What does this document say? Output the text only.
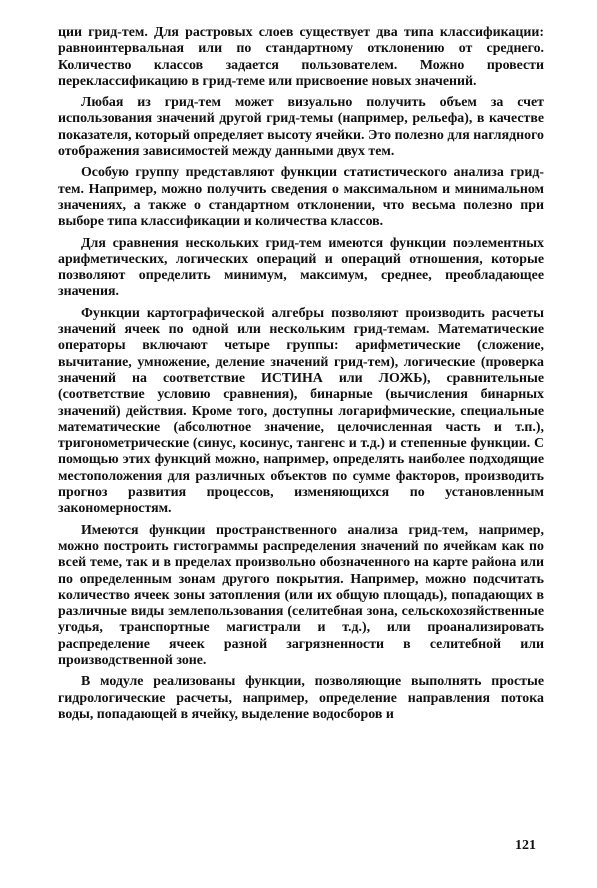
ции грид-тем. Для растровых слоев существует два типа классификации: равноинтервальная или по стандартному отклонению от среднего. Количество классов задается пользователем. Можно провести переклассификацию в грид-теме или присвоение новых значений.

Любая из грид-тем может визуально получить объем за счет использования значений другой грид-темы (например, рельефа), в качестве показателя, который определяет высоту ячейки. Это полезно для наглядного отображения зависимостей между данными двух тем.

Особую группу представляют функции статистического анализа грид-тем. Например, можно получить сведения о максимальном и минимальном значениях, а также о стандартном отклонении, что весьма полезно при выборе типа классификации и количества классов.

Для сравнения нескольких грид-тем имеются функции поэлементных арифметических, логических операций и операций отношения, которые позволяют определить минимум, максимум, среднее, преобладающее значения.

Функции картографической алгебры позволяют производить расчеты значений ячеек по одной или нескольким грид-темам. Математические операторы включают четыре группы: арифметические (сложение, вычитание, умножение, деление значений грид-тем), логические (проверка значений на соответствие ИСТИНА или ЛОЖЬ), сравнительные (соответствие условию сравнения), бинарные (вычисления бинарных значений) действия. Кроме того, доступны логарифмические, специальные математические (абсолютное значение, целочисленная часть и т.п.), тригонометрические (синус, косинус, тангенс и т.д.) и степенные функции. С помощью этих функций можно, например, определять наиболее подходящие местоположения для различных объектов по сумме факторов, производить прогноз развития процессов, изменяющихся по установленным закономерностям.

Имеются функции пространственного анализа грид-тем, например, можно построить гистограммы распределения значений по ячейкам как по всей теме, так и в пределах произвольно обозначенного на карте района или по определенным зонам другого покрытия. Например, можно подсчитать количество ячеек зоны затопления (или их общую площадь), попадающих в различные виды землепользования (селитебная зона, сельскохозяйственные угодья, транспортные магистрали и т.д.), или проанализировать распределение ячеек разной загрязненности в селитебной или производственной зоне.

В модуле реализованы функции, позволяющие выполнять простые гидрологические расчеты, например, определение направления потока воды, попадающей в ячейку, выделение водосборов и

121
